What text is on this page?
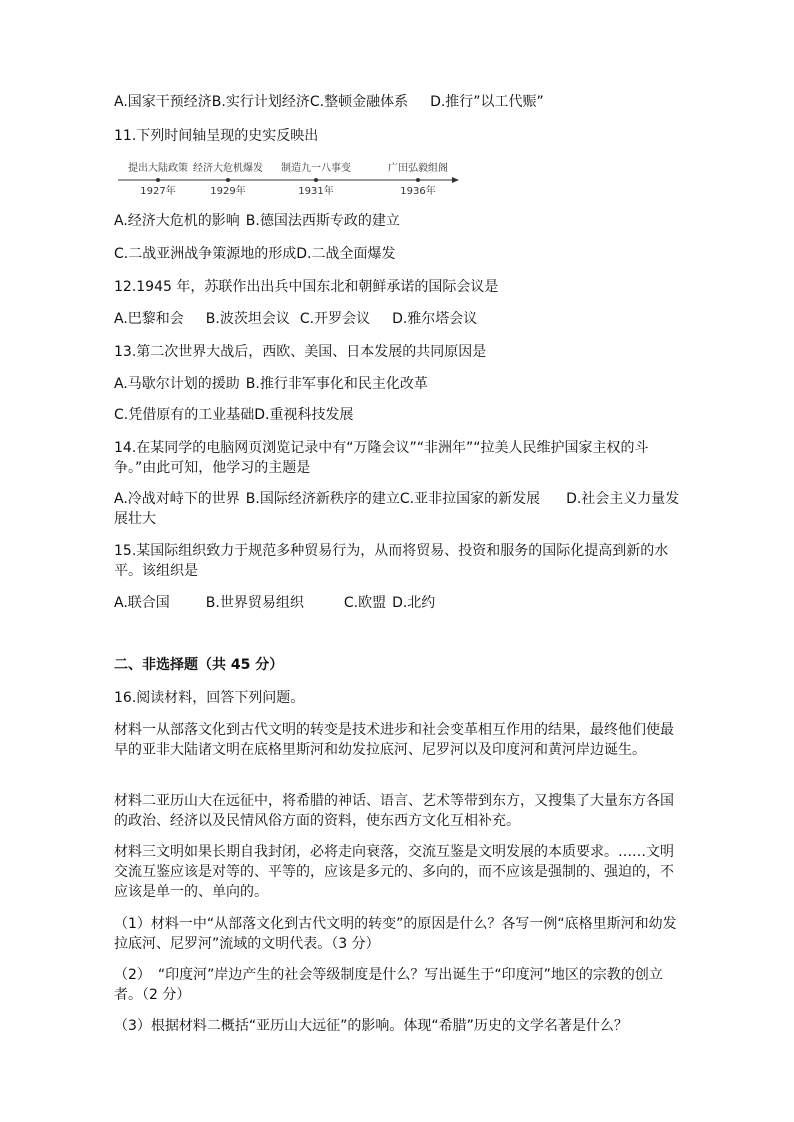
A.国家干预经济B.实行计划经济C.整顿金融体系 D.推行”以工代赈”
11.下列时间轴呈现的史实反映出
提出大陆政策
1927年
经济大危机爆发
1929年
制造九一八事变
1931年
广田弘毅组阁
1936年
A.经济大危机的影响 B.德国法西斯专政的建立
C.二战亚洲战争策源地的形成D.二战全面爆发
12.1945 年，苏联作出出兵中国东北和朝鲜承诺的国际会议是
A.巴黎和会 B.波茨坦会议 C.开罗会议 D.雅尔塔会议
13.第二次世界大战后，西欧、美国、日本发展的共同原因是
A.马歇尔计划的援助 B.推行非军事化和民主化改革
C.凭借原有的工业基础D.重视科技发展
14.在某同学的电脑网页浏览记录中有“万隆会议”“非洲年”“拉美人民维护国家主权的斗争。”由此可知，他学习的主题是
A.冷战对峙下的世界 B.国际经济新秩序的建立C.亚非拉国家的新发展 D.社会主义力量发展壮大
15.某国际组织致力于规范多种贸易行为，从而将贸易、投资和服务的国际化提高到新的水平。该组织是
A.联合国	B.世界贸易组织	C.欧盟 D.北约
二、非选择题（共 45 分）
16.阅读材料，回答下列问题。
材料一从部落文化到古代文明的转变是技术进步和社会变革相互作用的结果，最终他们使最早的亚非大陆诸文明在底格里斯河和幼发拉底河、尼罗河以及印度河和黄河岸边诞生。
材料二亚历山大在远征中，将希腊的神话、语言、艺术等带到东方，又搜集了大量东方各国的政治、经济以及民情风俗方面的资料，使东西方文化互相补充。
材料三文明如果长期自我封闭，必将走向衰落，交流互鉴是文明发展的本质要求。……文明交流互鉴应该是对等的、平等的，应该是多元的、多向的，而不应该是强制的、强迫的，不应该是单一的、单向的。
（1）材料一中“从部落文化到古代文明的转变”的原因是什么？各写一例“底格里斯河和幼发拉底河、尼罗河”流域的文明代表。（3 分）
（2）　“印度河”岸边产生的社会等级制度是什么？写出诞生于“印度河”地区的宗教的创立者。（2 分）
（3）根据材料二概括“亚历山大远征”的影响。体现“希腊”历史的文学名著是什么？
